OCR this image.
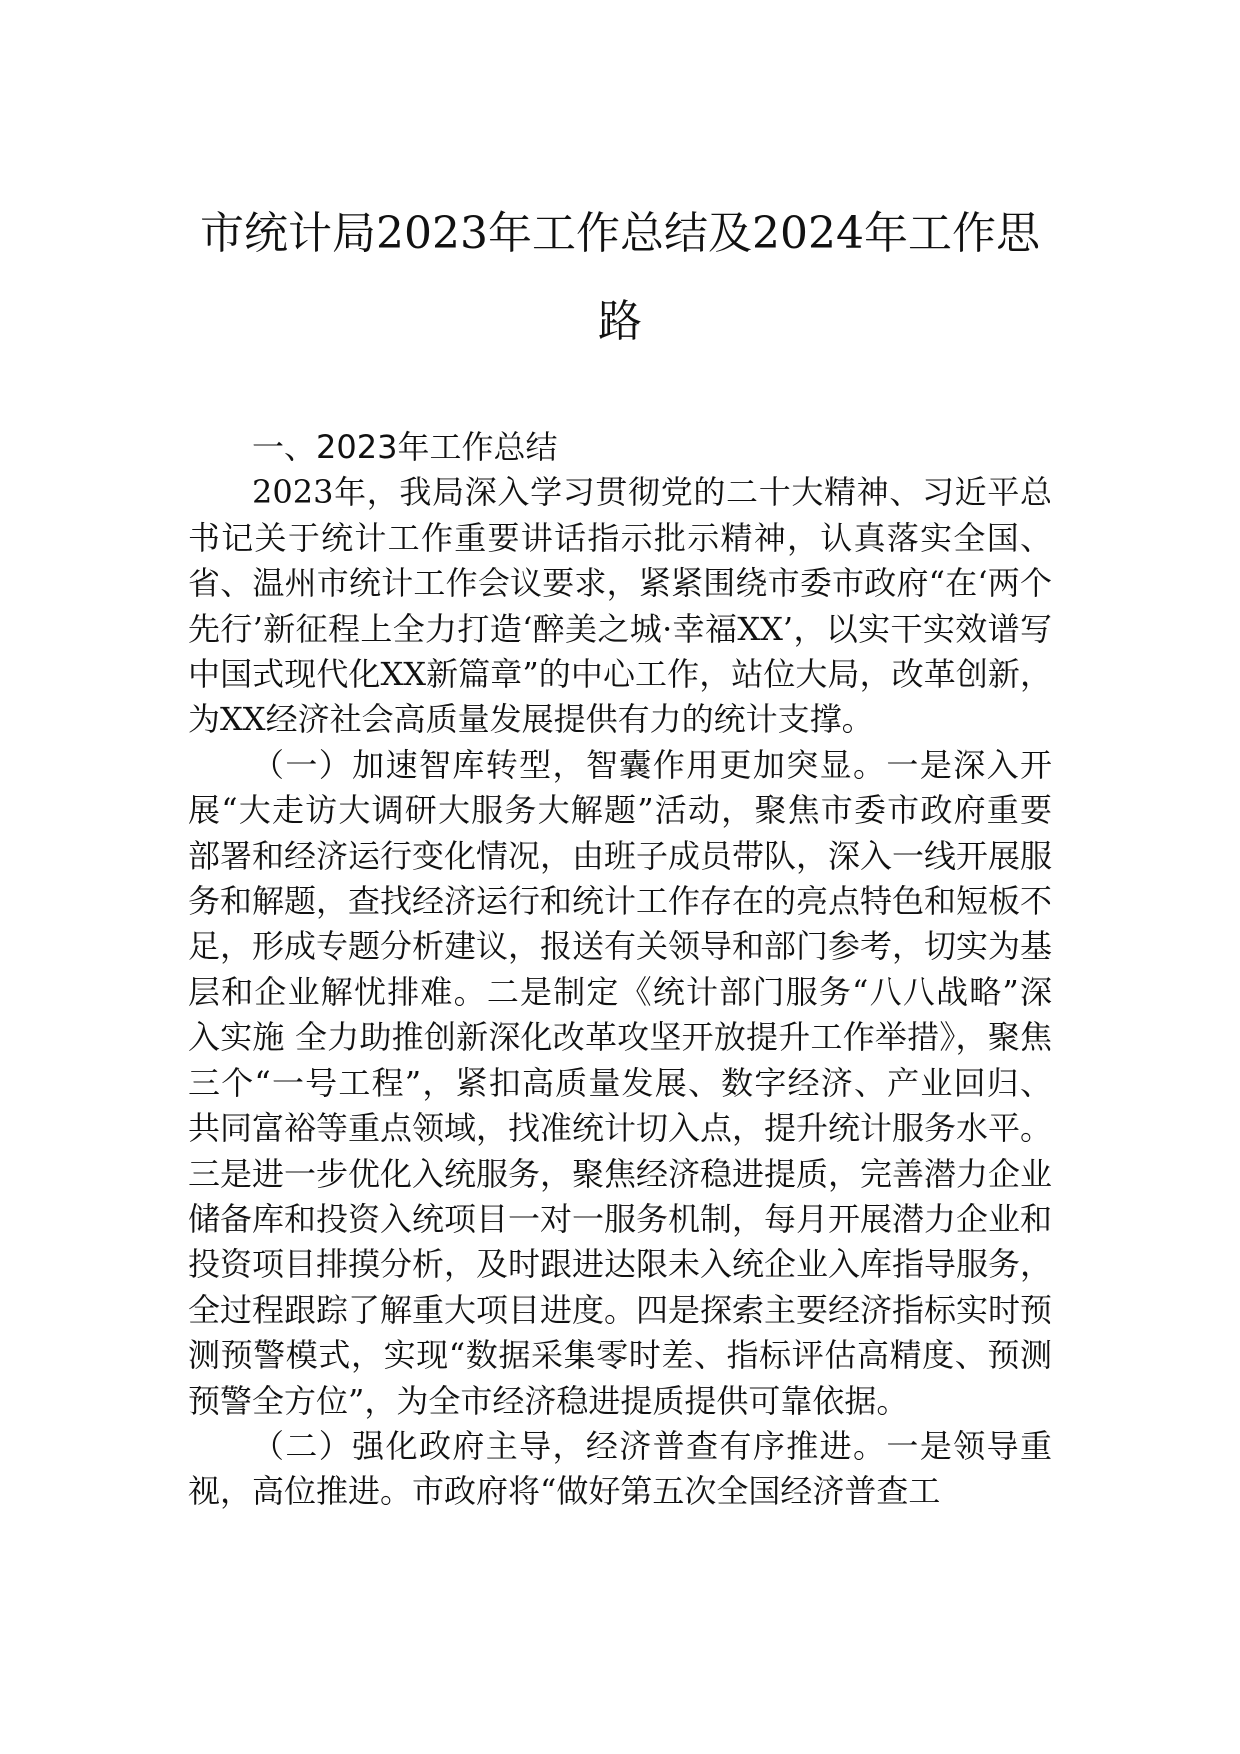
市统计局2023年工作总结及2024年工作思路

一、2023年工作总结

2023年，我局深入学习贯彻党的二十大精神、习近平总书记关于统计工作重要讲话指示批示精神，认真落实全国、省、温州市统计工作会议要求，紧紧围绕市委市政府“在‘两个先行’新征程上全力打造‘醉美之城·幸福XX’，以实干实效谱写中国式现代化XX新篇章”的中心工作，站位大局，改革创新，为XX经济社会高质量发展提供有力的统计支撑。

（一）加速智库转型，智囊作用更加突显。一是深入开展“大走访大调研大服务大解题”活动，聚焦市委市政府重要部署和经济运行变化情况，由班子成员带队，深入一线开展服务和解题，查找经济运行和统计工作存在的亮点特色和短板不足，形成专题分析建议，报送有关领导和部门参考，切实为基层和企业解忧排难。二是制定《统计部门服务“八八战略”深入实施 全力助推创新深化改革攻坚开放提升工作举措》，聚焦三个“一号工程”，紧扣高质量发展、数字经济、产业回归、共同富裕等重点领域，找准统计切入点，提升统计服务水平。三是进一步优化入统服务，聚焦经济稳进提质，完善潜力企业储备库和投资入统项目一对一服务机制，每月开展潜力企业和投资项目排摸分析，及时跟进达限未入统企业入库指导服务，全过程跟踪了解重大项目进度。四是探索主要经济指标实时预测预警模式，实现“数据采集零时差、指标评估高精度、预测预警全方位”，为全市经济稳进提质提供可靠依据。

（二）强化政府主导，经济普查有序推进。一是领导重视，高位推进。市政府将“做好第五次全国经济普查工
